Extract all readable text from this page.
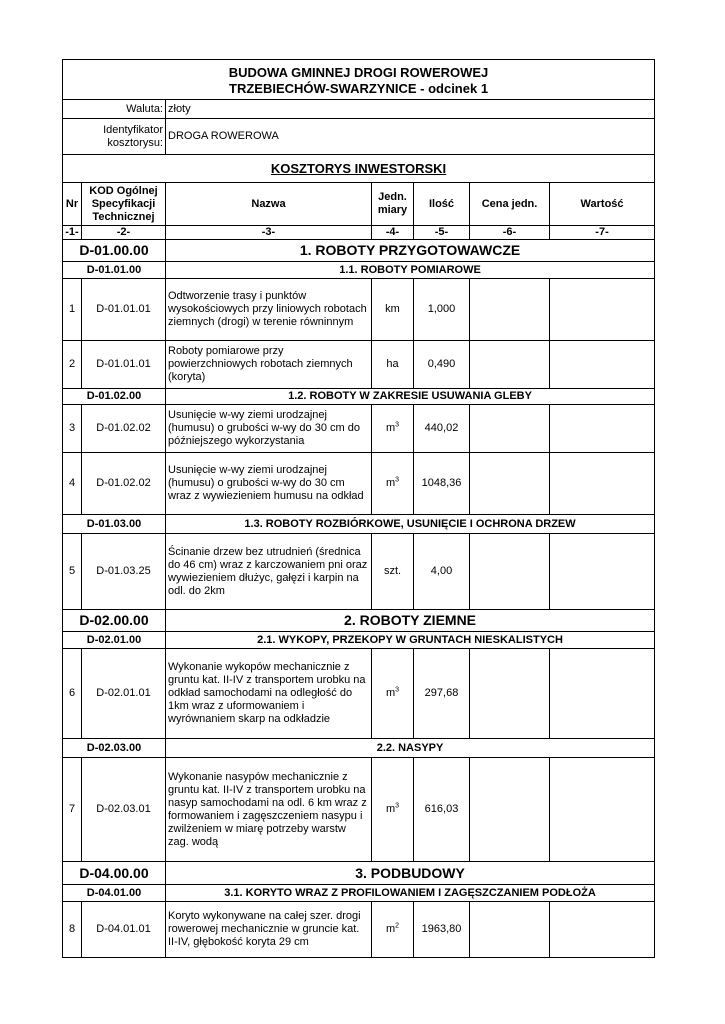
BUDOWA GMINNEJ DROGI ROWEROWEJ
TRZEBIECHÓW-SWARZYNICE - odcinek 1						

Waluta:		złoty				
Identyfikator kosztorysu:		DROGA ROWEROWA				
KOSZTORYS INWESTORSKI						
Nr	KOD Ogólnej Specyfikacji Technicznej	Nazwa	Jedn. miary	Ilość	Cena jedn.	Wartość
-1-	-2-	-3-	-4-	-5-	-6-	-7-
D-01.00.00		1. ROBOTY PRZYGOTOWAWCZE				
D-01.01.00		1.1. ROBOTY POMIAROWE				
1	D-01.01.01	Odtworzenie trasy i punktów wysokościowych przy liniowych robotach ziemnych (drogi) w terenie równinnym	km	1,000		
2	D-01.01.01	Roboty pomiarowe przy powierzchniowych robotach ziemnych (koryta)	ha	0,490		
D-01.02.00		1.2. ROBOTY W ZAKRESIE USUWANIA GLEBY				
3	D-01.02.02	Usunięcie w-wy ziemi urodzajnej (humusu) o grubości w-wy do 30 cm do późniejszego wykorzystania	$m^3$	440,02		
4	D-01.02.02	Usunięcie w-wy ziemi urodzajnej (humusu) o grubości w-wy do 30 cm wraz z wywiezieniem humusu na odkład	$m^3$	1048,36		
D-01.03.00		1.3. ROBOTY ROZBIÓRKOWE, USUNIĘCIE I OCHRONA DRZEW				
5	D-01.03.25	Ścinanie drzew bez utrudnień (średnica do 46 cm) wraz z karczowaniem pni oraz wywiezieniem dłużyc, gałęzi i karpin na odl. do 2km	szt.	4,00		
D-02.00.00		2. ROBOTY ZIEMNE				
D-02.01.00		2.1. WYKOPY, PRZEKOPY W GRUNTACH NIESKALISTYCH				
6	D-02.01.01	Wykonanie wykopów mechanicznie z gruntu kat. II-IV z transportem urobku na odkład samochodami na odległość do 1km wraz z uformowaniem i wyrównaniem skarp na odkładzie	$m^3$	297,68		
D-02.03.00		2.2. NASYPY				
7	D-02.03.01	Wykonanie nasypów mechanicznie z gruntu kat. II-IV z transportem urobku na nasyp samochodami na odl. 6 km wraz z formowaniem i zagęszczeniem nasypu i zwilżeniem w miarę potrzeby warstw zag. wodą	$m^3$	616,03		
D-04.00.00		3. PODBUDOWY				
D-04.01.00		3.1. KORYTO WRAZ Z PROFILOWANIEM I ZAGĘSZCZANIEM PODŁOŻA				
8	D-04.01.01	Koryto wykonywane na całej szer. drogi rowerowej mechanicznie w gruncie kat. II-IV, głębokość koryta 29 cm	$m^2$	1963,80		
